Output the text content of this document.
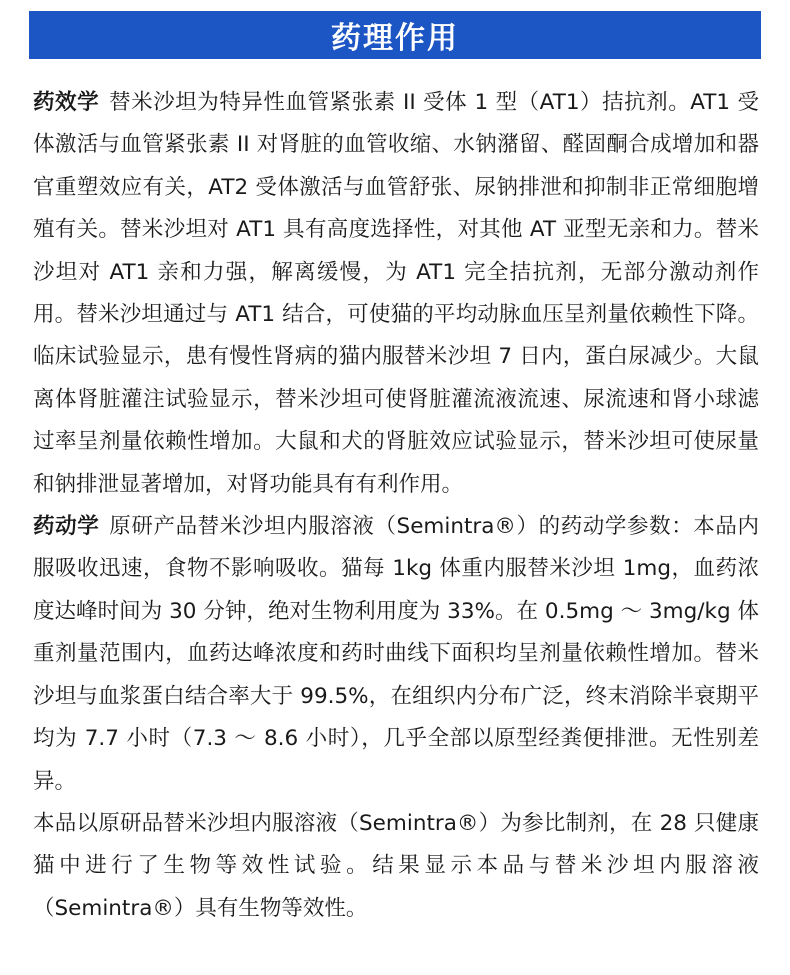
药理作用

药效学 替米沙坦为特异性血管紧张素 II 受体 1 型（AT1）拮抗剂。AT1 受体激活与血管紧张素 II 对肾脏的血管收缩、水钠潴留、醛固酮合成增加和器官重塑效应有关，AT2 受体激活与血管舒张、尿钠排泄和抑制非正常细胞增殖有关。替米沙坦对 AT1 具有高度选择性，对其他 AT 亚型无亲和力。替米沙坦对 AT1 亲和力强，解离缓慢，为 AT1 完全拮抗剂，无部分激动剂作用。替米沙坦通过与 AT1 结合，可使猫的平均动脉血压呈剂量依赖性下降。临床试验显示，患有慢性肾病的猫内服替米沙坦 7 日内，蛋白尿减少。大鼠离体肾脏灌注试验显示，替米沙坦可使肾脏灌流液流速、尿流速和肾小球滤过率呈剂量依赖性增加。大鼠和犬的肾脏效应试验显示，替米沙坦可使尿量和钠排泄显著增加，对肾功能具有有利作用。

药动学 原研产品替米沙坦内服溶液（Semintra®）的药动学参数：本品内服吸收迅速，食物不影响吸收。猫每 1kg 体重内服替米沙坦 1mg，血药浓度达峰时间为 30 分钟，绝对生物利用度为 33%。在 0.5mg ～ 3mg/kg 体重剂量范围内，血药达峰浓度和药时曲线下面积均呈剂量依赖性增加。替米沙坦与血浆蛋白结合率大于 99.5%，在组织内分布广泛，终末消除半衰期平均为 7.7 小时（7.3 ～ 8.6 小时），几乎全部以原型经粪便排泄。无性别差异。

本品以原研品替米沙坦内服溶液（Semintra®）为参比制剂，在 28 只健康猫中进行了生物等效性试验。结果显示本品与替米沙坦内服溶液（Semintra®）具有生物等效性。
